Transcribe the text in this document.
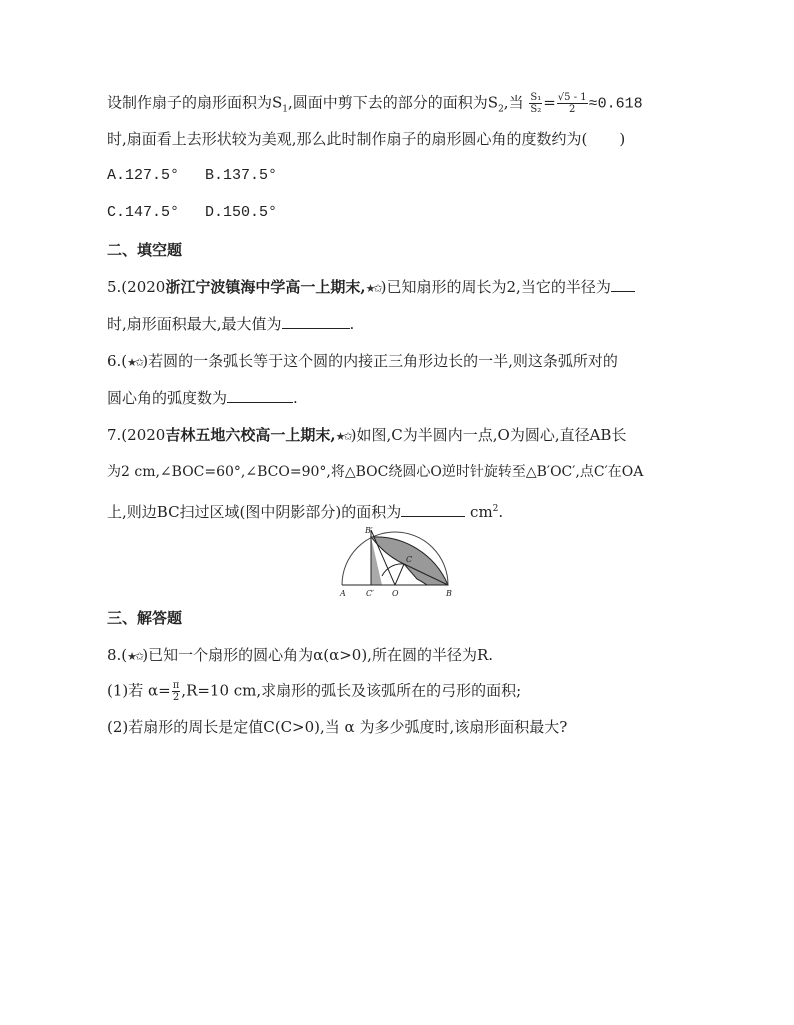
设制作扇子的扇形面积为$S_1$,圆面中剪下去的部分的面积为$S_2$,当 $\frac{\text{S₁}}{\text{S₂}} = \frac{√5 - 1}{2} \approx 0.618$
时,扇面看上去形状较为美观,那么此时制作扇子的扇形圆心角的度数约为( )
A.127.5° B.137.5°
C.147.5° D.150.5°
二、填空题
5.(2020浙江宁波镇海中学高一上期末,★✩)已知扇形的周长为2,当它的半径为
时,扇形面积最大,最大值为	.
6.(★✩)若圆的一条弧长等于这个圆的内接正三角形边长的一半,则这条弧所对的
圆心角的弧度数为	.
7.(2020吉林五地六校高一上期末,★✩)如图,C为半圆内一点,O为圆心,直径AB长
为2 cm,∠BOC=60°,∠BCO=90°,将△BOC绕圆心O逆时针旋转至△B′OC′,点C′在OA
上,则边BC扫过区域(图中阴影部分)的面积为	$cm^2$.
A	C′ O	B
C
B′
三、解答题
8.(★✩)已知一个扇形的圆心角为α(α>0),所在圆的半径为R.
(1)若 $\alpha= \frac{\pi}{2} ,R=10$ cm,求扇形的弧长及该弧所在的弓形的面积;
(2)若扇形的周长是定值C(C>0),当 α 为多少弧度时,该扇形面积最大?
